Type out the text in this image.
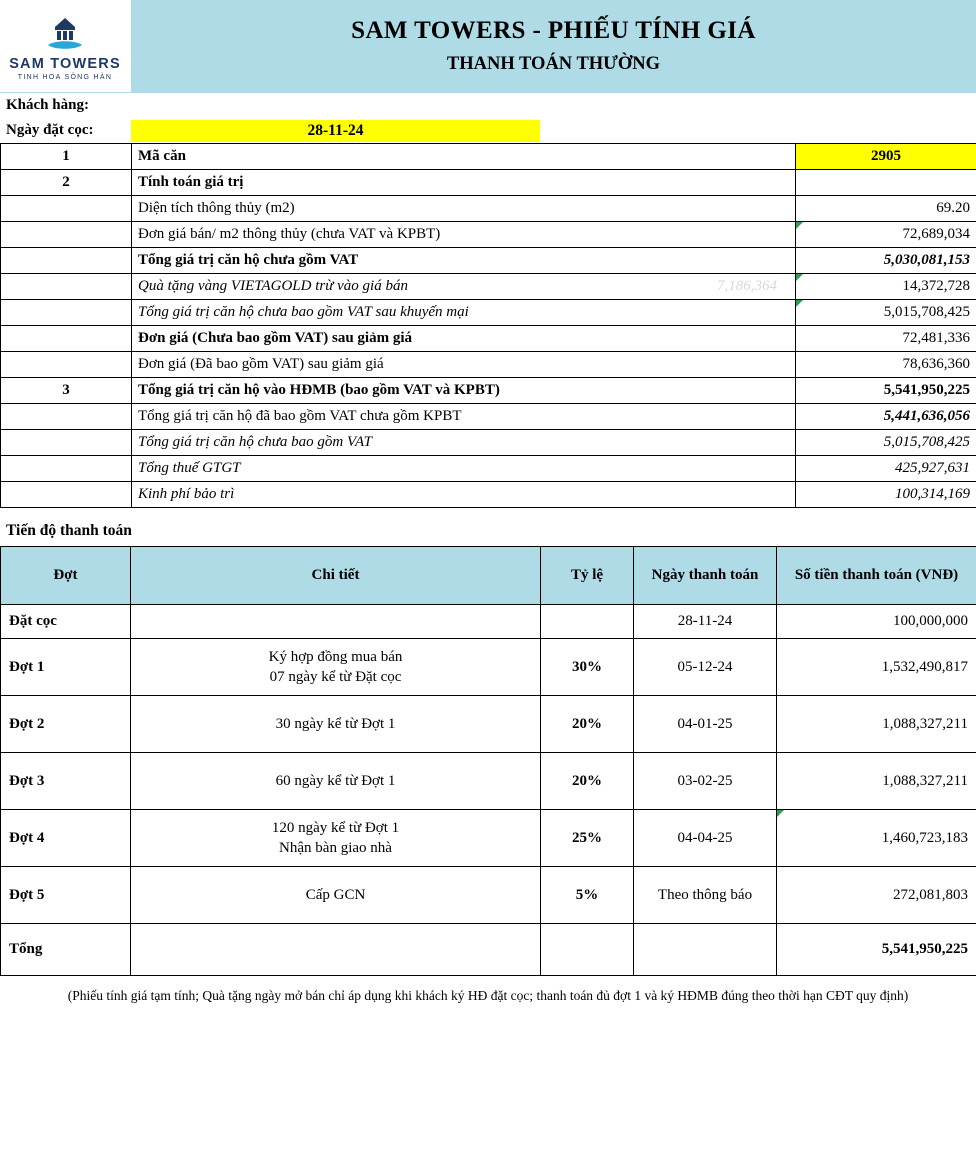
SAM TOWERS
TINH HOA SÔNG HÀN
SAM TOWERS - PHIẾU TÍNH GIÁ
THANH TOÁN THƯỜNG
Khách hàng:
Ngày đặt cọc:	28-11-24
1	Mã căn	2905
2	Tính toán giá trị	
	Diện tích thông thủy (m2)	69.20
	Đơn giá bán/ m2 thông thủy (chưa VAT và KPBT)	72,689,034
	Tổng giá trị căn hộ chưa gồm VAT	5,030,081,153

	Quà tặng vàng VIETAGOLD trừ vào giá bán 7,186,364	14,372,728
	Tổng giá trị căn hộ chưa bao gồm VAT sau khuyến mại	5,015,708,425
	Đơn giá (Chưa bao gồm VAT) sau giảm giá	72,481,336
	Đơn giá (Đã bao gồm VAT) sau giảm giá	78,636,360
3	Tổng giá trị căn hộ vào HĐMB (bao gồm VAT và KPBT)	5,541,950,225
	Tổng giá trị căn hộ đã bao gồm VAT chưa gồm KPBT	5,441,636,056
	Tổng giá trị căn hộ chưa bao gồm VAT	5,015,708,425
	Tổng thuế GTGT	425,927,631
	Kinh phí bảo trì	100,314,169
Tiến độ thanh toán
Đợt	Chi tiết	Tỷ lệ	Ngày thanh toán	Số tiền thanh toán (VNĐ)
Đặt cọc			28-11-24	100,000,000
Đợt 1	Ký hợp đồng mua bán
07 ngày kể từ Đặt cọc	30%	05-12-24	1,532,490,817
Đợt 2	30 ngày kể từ Đợt 1	20%	04-01-25	1,088,327,211
Đợt 3	60 ngày kể từ Đợt 1	20%	03-02-25	1,088,327,211
Đợt 4	120 ngày kể từ Đợt 1
Nhận bàn giao nhà	25%	04-04-25	1,460,723,183
Đợt 5	Cấp GCN	5%	Theo thông báo	272,081,803
Tổng				5,541,950,225
(Phiếu tính giá tạm tính; Quà tặng ngày mở bán chỉ áp dụng khi khách ký HĐ đặt cọc; thanh toán đủ đợt 1 và ký HĐMB đúng theo thời hạn CĐT quy định)
